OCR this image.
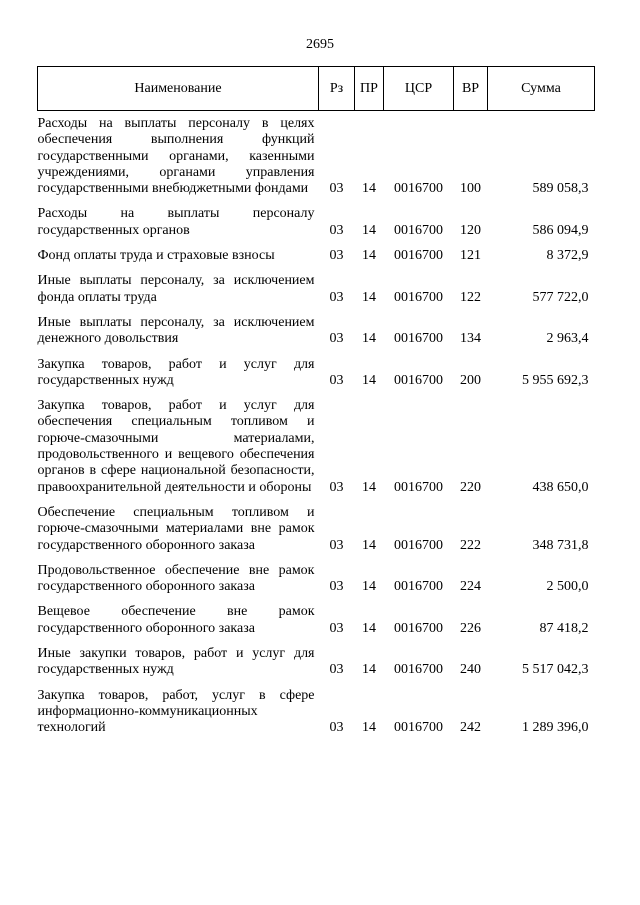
2695
Наименование	Рз	ПР	ЦСР	ВР	Сумма
Расходы на выплаты персоналу в целях обеспечения выполнения функций государственными органами, казенными учреждениями, органами управления государственными внебюджетными фондами	03	14	0016700	100	589 058,3
Расходы на выплаты персоналу государственных органов	03	14	0016700	120	586 094,9
Фонд оплаты труда и страховые взносы	03	14	0016700	121	8 372,9
Иные выплаты персоналу, за исключением фонда оплаты труда	03	14	0016700	122	577 722,0
Иные выплаты персоналу, за исключением денежного довольствия	03	14	0016700	134	2 963,4
Закупка товаров, работ и услуг для государственных нужд	03	14	0016700	200	5 955 692,3
Закупка товаров, работ и услуг для обеспечения специальным топливом и горюче-смазочными материалами, продовольственного и вещевого обеспечения органов в сфере национальной безопасности, правоохранительной деятельности и обороны	03	14	0016700	220	438 650,0
Обеспечение специальным топливом и горюче-смазочными материалами вне рамок государственного оборонного заказа	03	14	0016700	222	348 731,8
Продовольственное обеспечение вне рамок государственного оборонного заказа	03	14	0016700	224	2 500,0
Вещевое обеспечение вне рамок государственного оборонного заказа	03	14	0016700	226	87 418,2
Иные закупки товаров, работ и услуг для государственных нужд	03	14	0016700	240	5 517 042,3
Закупка товаров, работ, услуг в сфере информационно-коммуникационных технологий	03	14	0016700	242	1 289 396,0
